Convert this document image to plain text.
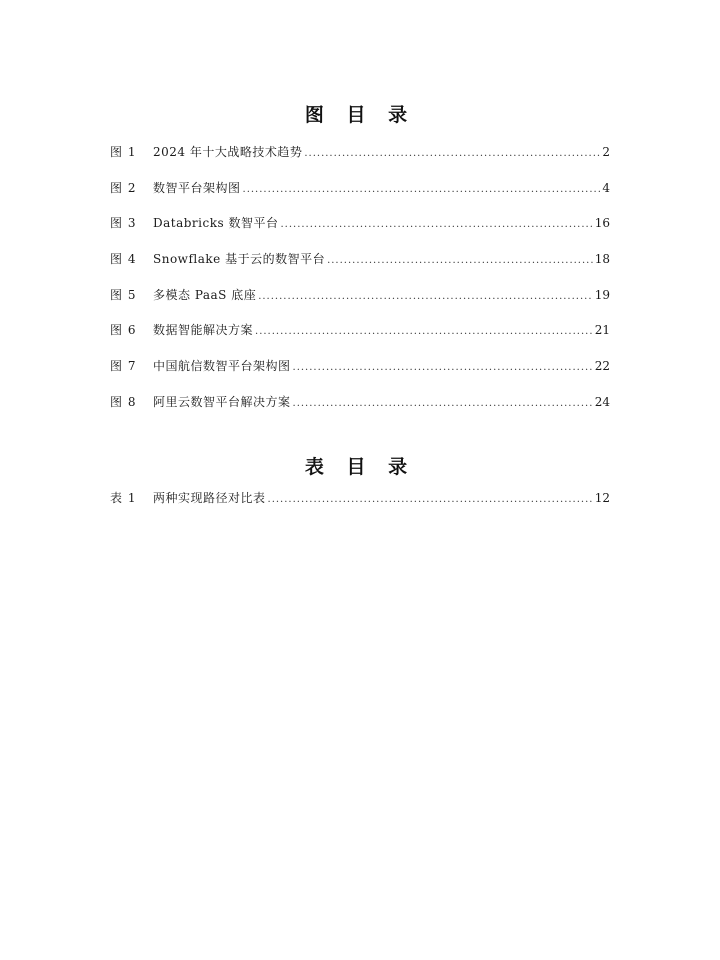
图 目 录
图 1	2024 年十大战略技术趋势 .....	2
图 2	数智平台架构图 .....	4
图 3	Databricks 数智平台 .....	16
图 4	Snowflake 基于云的数智平台 .....	18
图 5	多模态 PaaS 底座 .....	19
图 6	数据智能解决方案 .....	21
图 7	中国航信数智平台架构图 .....	22
图 8	阿里云数智平台解决方案 .....	24
表 目 录
表 1	两种实现路径对比表 .....	12
